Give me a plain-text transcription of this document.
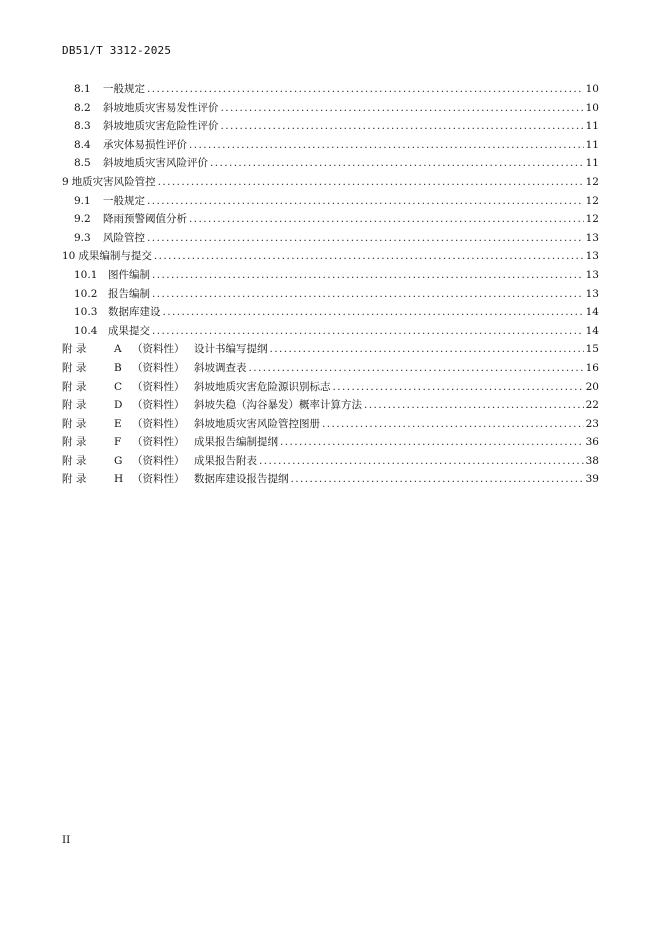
DB51/T 3312-2025
8.1	一般规定 .....	10
8.2	斜坡地质灾害易发性评价 .....	10
8.3	斜坡地质灾害危险性评价 .....	11
8.4	承灾体易损性评价 .....	11
8.5	斜坡地质灾害风险评价 .....	11
9 地质灾害风险管控 .....	12
9.1	一般规定 .....	12
9.2	降雨预警阈值分析 .....	12
9.3	风险管控 .....	13
10 成果编制与提交 .....	13
10.1	图件编制 .....	13
10.2	报告编制 .....	13
10.3	数据库建设 .....	14
10.4	成果提交 .....	14
附 录	A （资料性） 设计书编写提纲 .....	15
附 录	B （资料性） 斜坡调查表 .....	16
附 录	C （资料性） 斜坡地质灾害危险源识别标志 .....	20
附 录	D （资料性） 斜坡失稳（沟谷暴发）概率计算方法 .....	22
附 录	E （资料性） 斜坡地质灾害风险管控图册 .....	23
附 录	F	（资料性） 成果报告编制提纲 .....	36
附 录	G （资料性） 成果报告附表 .....	38
附 录	H （资料性） 数据库建设报告提纲 .....	39
II
